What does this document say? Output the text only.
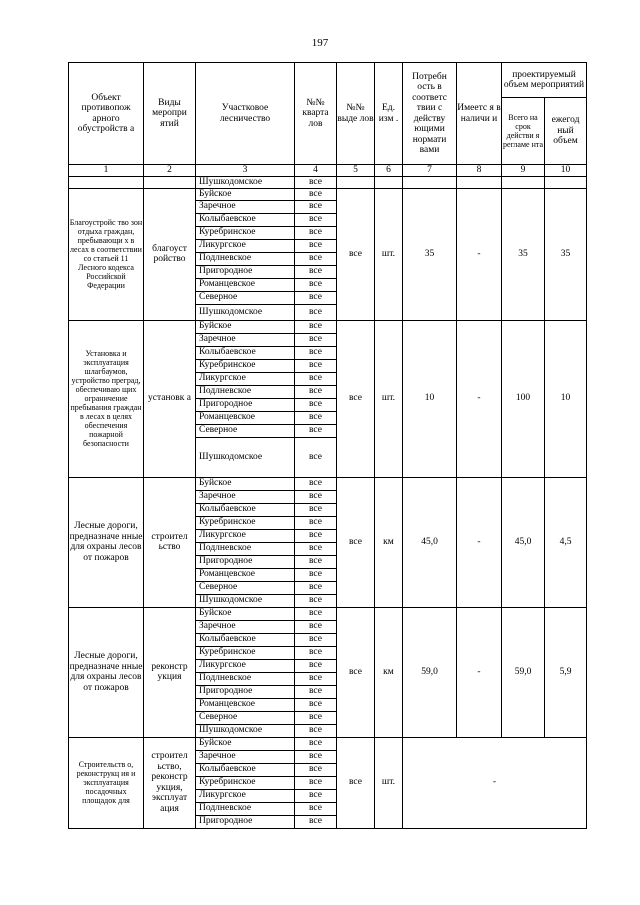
197
Объект противопож арного обустройств а	Виды меропри ятий	Участковое лесничество	№№ кварта лов	№№ выде лов	Ед. изм .	Потребн ость в соответс твии с действу ющими нормати вами	Имеетс я в наличи и	проектируемый объем мероприятий	
								Всего на срок действи я регламе нта	ежегод ный объем
1	2	3	4	5	6	7	8	9	10
		Шушкодомское	все						
Благоустройс тво зон отдыха граждан, пребывающи х в лесах в соответствии со статьей 11 Лесного кодекса Российской Федерации	благоуст ройство	Буйское	все	все	шт.	35	-	35	35
		Заречное	все						
		Колыбаевское	все						
		Куребринское	все						
		Ликургское	все						
		Подлневское	все						
		Пригородное	все						
		Романцевское	все						
		Северное	все						
		Шушкодомское	все						
Установка и эксплуатация шлагбаумов, устройство преград, обеспечиваю щих ограничение пребывания граждан в лесах в целях обеспечения пожарной безопасности	установк а	Буйское	все	все	шт.	10	-	100	10
		Заречное	все						
		Колыбаевское	все						
		Куребринское	все						
		Ликургское	все						
		Подлневское	все						
		Пригородное	все						
		Романцевское	все						
		Северное	все						
		Шушкодомское	все						
Лесные дороги, предназначе нные для охраны лесов от пожаров	строител ьство	Буйское	все	все	км	45,0	-	45,0	4,5
		Заречное	все						
		Колыбаевское	все						
		Куребринское	все						
		Ликургское	все						
		Подлневское	все						
		Пригородное	все						
		Романцевское	все						
		Северное	все						
		Шушкодомское	все						
Лесные дороги, предназначе нные для охраны лесов от пожаров	реконстр укция	Буйское	все	все	км	59,0	-	59,0	5,9
		Заречное	все						
		Колыбаевское	все						
		Куребринское	все						
		Ликургское	все						
		Подлневское	все						
		Пригородное	все						
		Романцевское	все						
		Северное	все						
		Шушкодомское	все						
Строительств о, реконструкц ия и эксплуатация посадочных площадок для	строител ьство, реконстр укция, эксплуат ация	Буйское	все	все	шт.	-			
		Заречное	все						
		Колыбаевское	все						
		Куребринское	все						
		Ликургское	все						
		Подлневское	все						
		Пригородное	все						
